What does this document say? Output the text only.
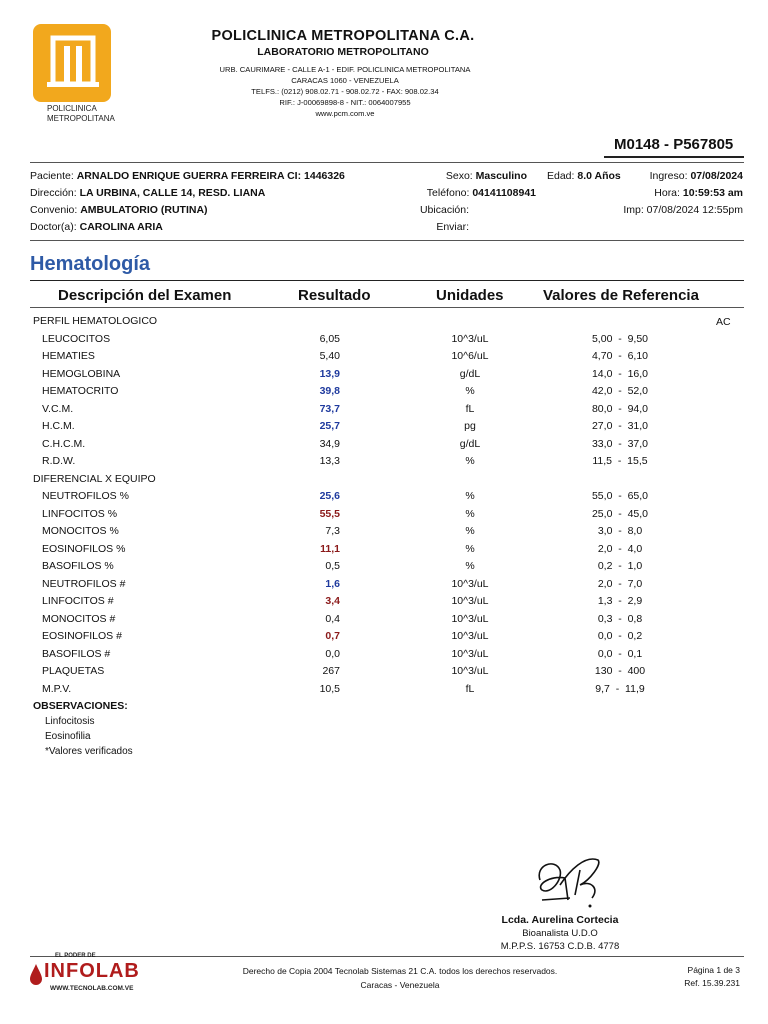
POLICLINICA
METROPOLITANA
POLICLINICA METROPOLITANA C.A.
LABORATORIO METROPOLITANO
URB. CAURIMARE - CALLE A-1 - EDIF. POLICLINICA METROPOLITANA
CARACAS 1060 - VENEZUELA
TELFS.: (0212) 908.02.71 - 908.02.72 - FAX: 908.02.34
RIF.: J-00069898-8 - NIT.: 0064007955
www.pcm.com.ve
M0148 - P567805
Paciente: ARNALDO ENRIQUE GUERRA FERREIRA CI: 1446326
Dirección: LA URBINA, CALLE 14, RESD. LIANA
Convenio: AMBULATORIO (RUTINA)
Doctor(a): CAROLINA ARIA
Sexo: Masculino Edad: 8.0 Años
Teléfono: 04141108941
Ubicación:
Enviar:
Ingreso: 07/08/2024
Hora: 10:59:53 am
Imp: 07/08/2024 12:55pm
Hematología
Descripción del Examen	Resultado	Unidades	Valores de Referencia
AC
PERFIL HEMATOLOGICO
LEUCOCITOS	6,05	10^3/uL	5,00  -  9,50
HEMATIES	5,40	10^6/uL	4,70  -  6,10
HEMOGLOBINA	13,9	g/dL	14,0  -  16,0
HEMATOCRITO	39,8	%	42,0  -  52,0
V.C.M.	73,7	fL	80,0  -  94,0
H.C.M.	25,7	pg	27,0  -  31,0
C.H.C.M.	34,9	g/dL	33,0  -  37,0
R.D.W.	13,3	%	11,5  -  15,5
DIFERENCIAL X EQUIPO
NEUTROFILOS %	25,6	%	55,0  -  65,0
LINFOCITOS %	55,5	%	25,0  -  45,0
MONOCITOS %	7,3	%	3,0  -  8,0
EOSINOFILOS %	11,1	%	2,0  -  4,0
BASOFILOS %	0,5	%	0,2  -  1,0
NEUTROFILOS #	1,6	10^3/uL	2,0  -  7,0
LINFOCITOS #	3,4	10^3/uL	1,3  -  2,9
MONOCITOS #	0,4	10^3/uL	0,3  -  0,8
EOSINOFILOS #	0,7	10^3/uL	0,0  -  0,2
BASOFILOS #	0,0	10^3/uL	0,0  -  0,1
PLAQUETAS	267	10^3/uL	130  -  400
M.P.V.	10,5	fL	9,7  -  11,9
OBSERVACIONES:
Linfocitosis
Eosinofilia
*Valores verificados
Lcda. Aurelina Cortecia
Bioanalista U.D.O
M.P.P.S. 16753 C.D.B. 4778
EL PODER DE
INFOLAB
WWW.TECNOLAB.COM.VE
Derecho de Copia 2004 Tecnolab Sistemas 21 C.A. todos los derechos reservados.
Caracas - Venezuela
Página 1 de 3
Ref. 15.39.231
